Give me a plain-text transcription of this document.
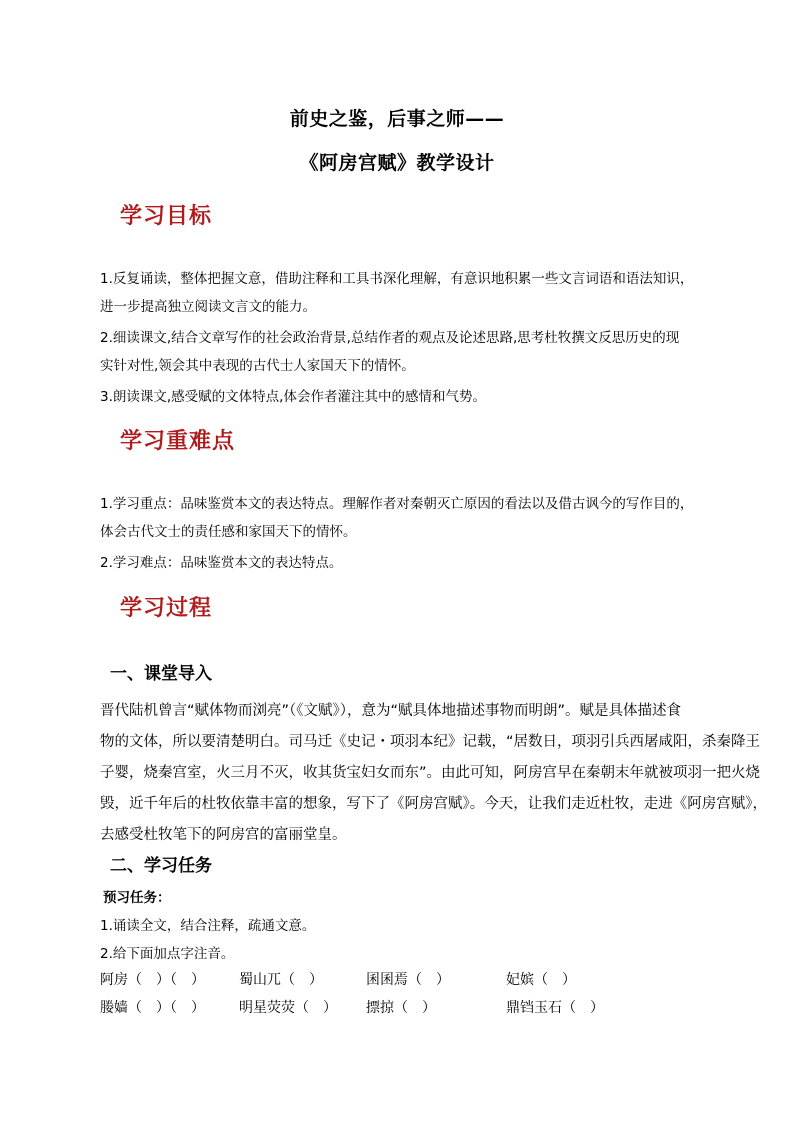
前史之鉴，后事之师——
《阿房宫赋》教学设计
学习目标
1.反复诵读，整体把握文意，借助注释和工具书深化理解，有意识地积累一些文言词语和语法知识，
进一步提高独立阅读文言文的能力。
2.细读课文,结合文章写作的社会政治背景,总结作者的观点及论述思路,思考杜牧撰文反思历史的现
实针对性,领会其中表现的古代士人家国天下的情怀。
3.朗读课文,感受赋的文体特点,体会作者灌注其中的感情和气势。
学习重难点
1.学习重点：品味鉴赏本文的表达特点。理解作者对秦朝灭亡原因的看法以及借古讽今的写作目的，
体会古代文士的责任感和家国天下的情怀。
2.学习难点：品味鉴赏本文的表达特点。
学习过程
一、课堂导入
晋代陆机曾言“赋体物而浏亮”（《文赋》），意为“赋具体地描述事物而明朗”。赋是具体描述食
物的文体，所以要清楚明白。司马迁《史记・项羽本纪》记载，“居数日，项羽引兵西屠咸阳，杀秦降王
子婴，烧秦宫室，火三月不灭，收其货宝妇女而东”。由此可知，阿房宫早在秦朝末年就被项羽一把火烧
毁，近千年后的杜牧依靠丰富的想象，写下了《阿房宫赋》。今天，让我们走近杜牧，走进《阿房宫赋》，
去感受杜牧笔下的阿房宫的富丽堂皇。
二、学习任务
预习任务：
1.诵读全文，结合注释，疏通文意。
2.给下面加点字注音。
阿房（　）（　） 蜀山兀（　）	囷囷焉（　）	妃嫔（　）
媵嫱（　）（　） 明星荧荧（　） 摽掠（　）	鼎铛玉石（　）
